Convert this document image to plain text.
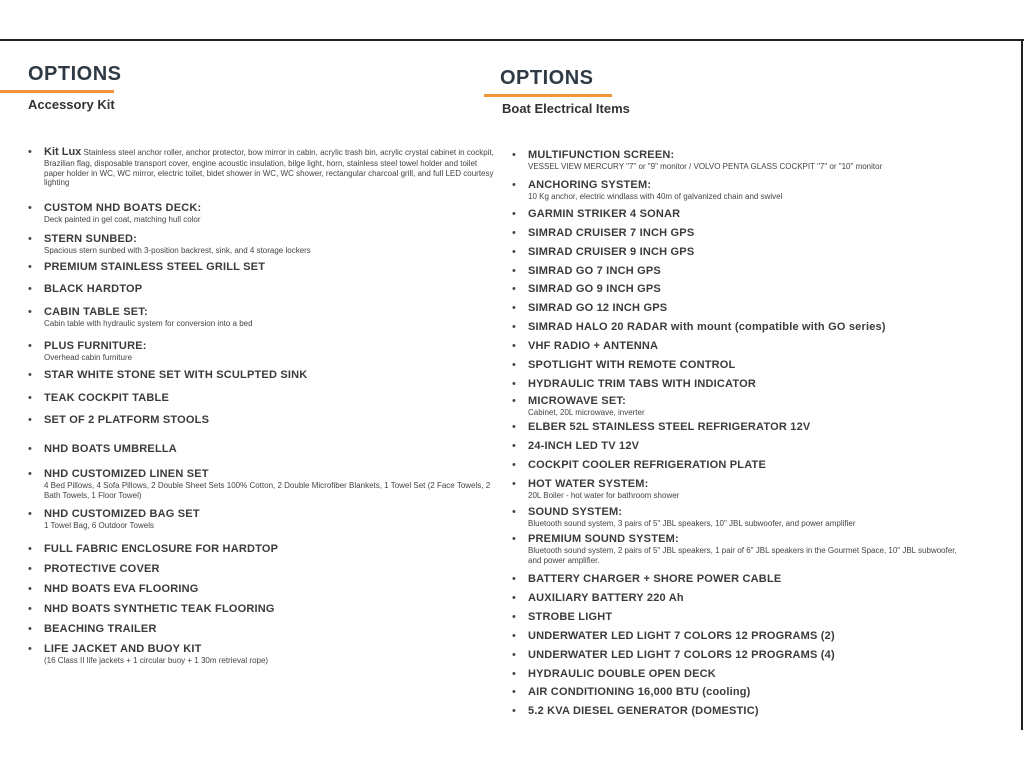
OPTIONS
Accessory Kit
OPTIONS
Boat Electrical Items
• Kit Lux Stainless steel anchor roller, anchor protector, bow mirror in cabin, acrylic trash bin, acrylic crystal cabinet in cockpit, Brazilian flag, disposable transport cover, engine acoustic insulation, bilge light, horn, stainless steel towel holder and toilet paper holder in WC, WC mirror, electric toilet, bidet shower in WC, WC shower, rectangular charcoal grill, and full LED courtesy lighting
• CUSTOM NHD BOATS DECK:
Deck painted in gel coat, matching hull color
• STERN SUNBED:
Spacious stern sunbed with 3-position backrest, sink, and 4 storage lockers
• PREMIUM STAINLESS STEEL GRILL SET
• BLACK HARDTOP
• CABIN TABLE SET:
Cabin table with hydraulic system for conversion into a bed
• PLUS FURNITURE:
Overhead cabin furniture
• STAR WHITE STONE SET WITH SCULPTED SINK
• TEAK COCKPIT TABLE
• SET OF 2 PLATFORM STOOLS
• NHD BOATS UMBRELLA
• NHD CUSTOMIZED LINEN SET
4 Bed Pillows, 4 Sofa Pillows, 2 Double Sheet Sets 100% Cotton, 2 Double Microfiber Blankets, 1 Towel Set (2 Face Towels, 2 Bath Towels, 1 Floor Towel)
• NHD CUSTOMIZED BAG SET
1 Towel Bag, 6 Outdoor Towels
• FULL FABRIC ENCLOSURE FOR HARDTOP
• PROTECTIVE COVER
• NHD BOATS EVA FLOORING
• NHD BOATS SYNTHETIC TEAK FLOORING
• BEACHING TRAILER
• LIFE JACKET AND BUOY KIT
(16 Class II life jackets + 1 circular buoy + 1 30m retrieval rope)
• MULTIFUNCTION SCREEN:
VESSEL VIEW MERCURY "7" or "9" monitor / VOLVO PENTA GLASS COCKPIT "7" or "10" monitor
• ANCHORING SYSTEM:
10 Kg anchor, electric windlass with 40m of galvanized chain and swivel
• GARMIN STRIKER 4 SONAR
• SIMRAD CRUISER 7 INCH GPS
• SIMRAD CRUISER 9 INCH GPS
• SIMRAD GO 7 INCH GPS
• SIMRAD GO 9 INCH GPS
• SIMRAD GO 12 INCH GPS
• SIMRAD HALO 20 RADAR with mount (compatible with GO series)
• VHF RADIO + ANTENNA
• SPOTLIGHT WITH REMOTE CONTROL
• HYDRAULIC TRIM TABS WITH INDICATOR
• MICROWAVE SET:
Cabinet, 20L microwave, inverter
• ELBER 52L STAINLESS STEEL REFRIGERATOR 12V
• 24-INCH LED TV 12V
• COCKPIT COOLER REFRIGERATION PLATE
• HOT WATER SYSTEM:
20L Boiler - hot water for bathroom shower
• SOUND SYSTEM:
Bluetooth sound system, 3 pairs of 5" JBL speakers, 10" JBL subwoofer, and power amplifier
• PREMIUM SOUND SYSTEM:
Bluetooth sound system, 2 pairs of 5" JBL speakers, 1 pair of 6" JBL speakers in the Gourmet Space, 10" JBL subwoofer, and power amplifier.
• BATTERY CHARGER + SHORE POWER CABLE
• AUXILIARY BATTERY 220 Ah
• STROBE LIGHT
• UNDERWATER LED LIGHT 7 COLORS 12 PROGRAMS (2)
• UNDERWATER LED LIGHT 7 COLORS 12 PROGRAMS (4)
• HYDRAULIC DOUBLE OPEN DECK
• AIR CONDITIONING 16,000 BTU (cooling)
• 5.2 KVA DIESEL GENERATOR (DOMESTIC)
